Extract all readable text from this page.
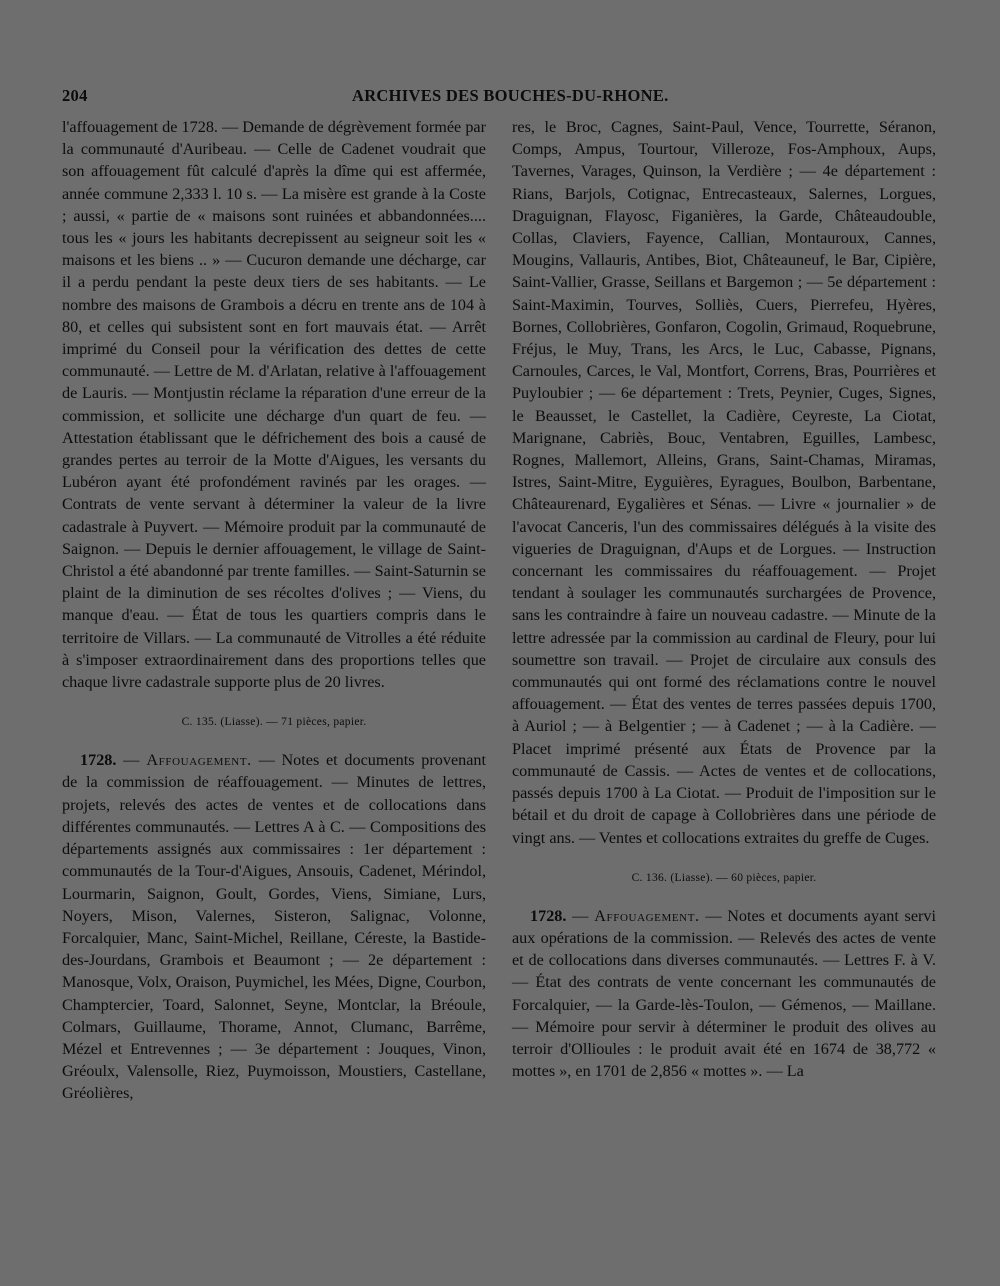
204	ARCHIVES DES BOUCHES-DU-RHONE.

l'affouagement de 1728. — Demande de dégrèvement formée par la communauté d'Auribeau. — Celle de Cadenet voudrait que son affouagement fût calculé d'après la dîme qui est affermée, année commune 2,333 l. 10 s. — La misère est grande à la Coste ; aussi, « partie de « maisons sont ruinées et abbandonnées.... tous les « jours les habitants decrepissent au seigneur soit les « maisons et les biens .. » — Cucuron demande une décharge, car il a perdu pendant la peste deux tiers de ses habitants. — Le nombre des maisons de Grambois a décru en trente ans de 104 à 80, et celles qui subsistent sont en fort mauvais état. — Arrêt imprimé du Conseil pour la vérification des dettes de cette communauté. — Lettre de M. d'Arlatan, relative à l'affouagement de Lauris. — Montjustin réclame la réparation d'une erreur de la commission, et sollicite une décharge d'un quart de feu. — Attestation établissant que le défrichement des bois a causé de grandes pertes au terroir de la Motte d'Aigues, les versants du Lubéron ayant été profondément ravinés par les orages. — Contrats de vente servant à déterminer la valeur de la livre cadastrale à Puyvert. — Mémoire produit par la communauté de Saignon. — Depuis le dernier affouagement, le village de Saint-Christol a été abandonné par trente familles. — Saint-Saturnin se plaint de la diminution de ses récoltes d'olives ; — Viens, du manque d'eau. — État de tous les quartiers compris dans le territoire de Villars. — La communauté de Vitrolles a été réduite à s'imposer extraordinairement dans des proportions telles que chaque livre cadastrale supporte plus de 20 livres.

C. 135. (Liasse). — 71 pièces, papier.

1728. — Affouagement. — Notes et documents provenant de la commission de réaffouagement. — Minutes de lettres, projets, relevés des actes de ventes et de collocations dans différentes communautés. — Lettres A à C. — Compositions des départements assignés aux commissaires : 1er département : communautés de la Tour-d'Aigues, Ansouis, Cadenet, Mérindol, Lourmarin, Saignon, Goult, Gordes, Viens, Simiane, Lurs, Noyers, Mison, Valernes, Sisteron, Salignac, Volonne, Forcalquier, Manc, Saint-Michel, Reillane, Céreste, la Bastide-des-Jourdans, Grambois et Beaumont ; — 2e département : Manosque, Volx, Oraison, Puymichel, les Mées, Digne, Courbon, Champtercier, Toard, Salonnet, Seyne, Montclar, la Bréoule, Colmars, Guillaume, Thorame, Annot, Clumanc, Barrême, Mézel et Entrevennes ; — 3e département : Jouques, Vinon, Gréoulx, Valensolle, Riez, Puymoisson, Moustiers, Castellane, Gréolières,

res, le Broc, Cagnes, Saint-Paul, Vence, Tourrette, Séranon, Comps, Ampus, Tourtour, Villeroze, Fos-Amphoux, Aups, Tavernes, Varages, Quinson, la Verdière ; — 4e département : Rians, Barjols, Cotignac, Entrecasteaux, Salernes, Lorgues, Draguignan, Flayosc, Figanières, la Garde, Châteaudouble, Collas, Claviers, Fayence, Callian, Montauroux, Cannes, Mougins, Vallauris, Antibes, Biot, Châteauneuf, le Bar, Cipière, Saint-Vallier, Grasse, Seillans et Bargemon ; — 5e département : Saint-Maximin, Tourves, Solliès, Cuers, Pierrefeu, Hyères, Bornes, Collobrières, Gonfaron, Cogolin, Grimaud, Roquebrune, Fréjus, le Muy, Trans, les Arcs, le Luc, Cabasse, Pignans, Carnoules, Carces, le Val, Montfort, Correns, Bras, Pourrières et Puyloubier ; — 6e département : Trets, Peynier, Cuges, Signes, le Beausset, le Castellet, la Cadière, Ceyreste, La Ciotat, Marignane, Cabriès, Bouc, Ventabren, Eguilles, Lambesc, Rognes, Mallemort, Alleins, Grans, Saint-Chamas, Miramas, Istres, Saint-Mitre, Eyguières, Eyragues, Boulbon, Barbentane, Châteaurenard, Eygalières et Sénas. — Livre « journalier » de l'avocat Canceris, l'un des commissaires délégués à la visite des vigueries de Draguignan, d'Aups et de Lorgues. — Instruction concernant les commissaires du réaffouagement. — Projet tendant à soulager les communautés surchargées de Provence, sans les contraindre à faire un nouveau cadastre. — Minute de la lettre adressée par la commission au cardinal de Fleury, pour lui soumettre son travail. — Projet de circulaire aux consuls des communautés qui ont formé des réclamations contre le nouvel affouagement. — État des ventes de terres passées depuis 1700, à Auriol ; — à Belgentier ; — à Cadenet ; — à la Cadière. — Placet imprimé présenté aux États de Provence par la communauté de Cassis. — Actes de ventes et de collocations, passés depuis 1700 à La Ciotat. — Produit de l'imposition sur le bétail et du droit de capage à Collobrières dans une période de vingt ans. — Ventes et collocations extraites du greffe de Cuges.

C. 136. (Liasse). — 60 pièces, papier.

1728. — Affouagement. — Notes et documents ayant servi aux opérations de la commission. — Relevés des actes de vente et de collocations dans diverses communautés. — Lettres F. à V. — État des contrats de vente concernant les communautés de Forcalquier, — la Garde-lès-Toulon, — Gémenos, — Maillane. — Mémoire pour servir à déterminer le produit des olives au terroir d'Ollioules : le produit avait été en 1674 de 38,772 « mottes », en 1701 de 2,856 « mottes ». — La
